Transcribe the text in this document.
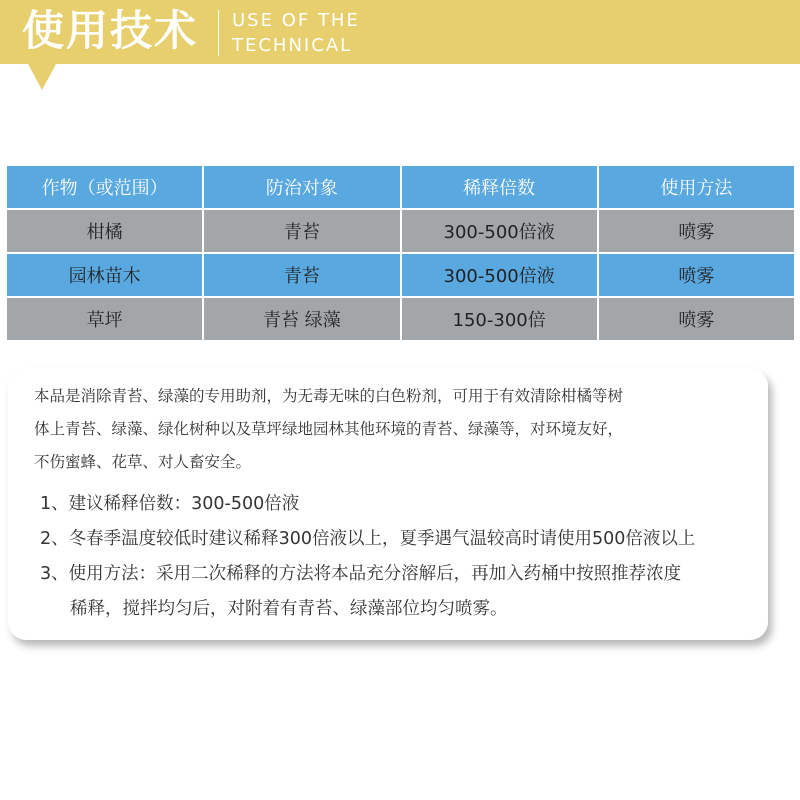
使用技术 USE OF THE
TECHNICAL
作物（或范围）	防治对象	稀释倍数	使用方法
柑橘	青苔	300-500倍液	喷雾
园林苗木	青苔	300-500倍液	喷雾
草坪	青苔 绿藻	150-300倍	喷雾
本品是消除青苔、绿藻的专用助剂，为无毒无味的白色粉剂，可用于有效清除柑橘等树
体上青苔、绿藻、绿化树种以及草坪绿地园林其他环境的青苔、绿藻等，对环境友好，
不伤蜜蜂、花草、对人畜安全。
1、建议稀释倍数：300-500倍液
2、冬春季温度较低时建议稀释300倍液以上，夏季遇气温较高时请使用500倍液以上
3、使用方法：采用二次稀释的方法将本品充分溶解后，再加入药桶中按照推荐浓度
稀释，搅拌均匀后，对附着有青苔、绿藻部位均匀喷雾。
